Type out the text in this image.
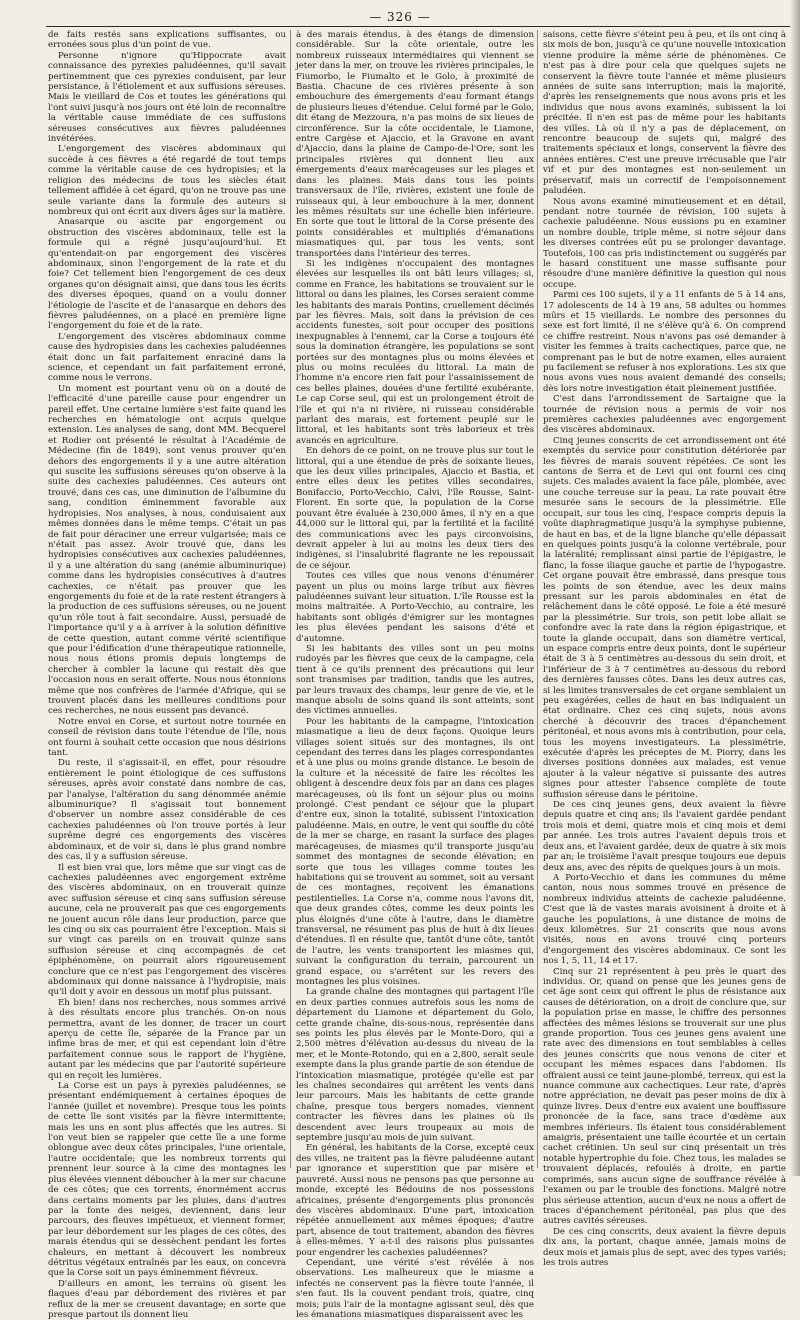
— 326 —

de faits restés sans explications suffisantes, ou erronées sous plus d'un point de vue.

Personne n'ignore qu'Hippocrate avait connaissance des pyrexies paludéennes, qu'il savait pertinemment que ces pyrexies conduisent, par leur persistance, à l'étiolement et aux suffusions séreuses. Mais le vieillard de Cos et toutes les générations qui l'ont suivi jusqu'à nos jours ont été loin de reconnaître la véritable cause immédiate de ces suffusions séreuses consécutives aux fièvres paludéennes invétérées.

L'engorgement des viscères abdominaux qui succède à ces fièvres a été regardé de tout temps comme la véritable cause de ces hydropisies; et la religion des médecins de tous les siècles était tellement affidée à cet égard, qu'on ne trouve pas une seule variante dans la formule des auteurs si nombreux qui ont écrit aux divers âges sur la matière.

Anasarque ou ascite par engorgement ou obstruction des viscères abdominaux, telle est la formule qui a régné jusqu'aujourd'hui. Et qu'entendait-on par engorgement des viscères abdominaux, sinon l'engorgement de la rate et du foie? Cet tellement bien l'engorgement de ces deux organes qu'on désignait ainsi, que dans tous les écrits des diverses époques, quand on a voulu donner l'étiologie de l'ascite et de l'anasarque en dehors des fièvres paludéennes, on a placé en première ligne l'engorgement du foie et de la rate.

L'engorgement des viscères abdominaux comme cause des hydropisies dans les cachexies paludéennes était donc un fait parfaitement enraciné dans la science, et cependant un fait parfaitement erroné, comme nous le verrons.

Un moment est pourtant venu où on a douté de l'efficacité d'une pareille cause pour engendrer un pareil effet. Une certaine lumière s'est faite quand les recherches en hématologie ont acquis quelque extension. Les analyses de sang, dont MM. Becquerel et Rodier ont présenté le résultat à l'Académie de Médecine (fin de 1849), sont venus prouver qu'en dehors des engorgements il y a une autre altération qui suscite les suffusions séreuses qu'on observe à la suite des cachexies paludéennes. Ces auteurs ont trouvé, dans ces cas, une diminution de l'albumine du sang, condition éminemment favorable aux hydropisies. Nos analyses, à nous, conduisaient aux mêmes données dans le même temps. C'était un pas de fait pour déraciner une erreur vulgarisée; mais ce n'était pas assez. Avoir trouvé que, dans les hydropisies consécutives aux cachexies paludéennes, il y a une altération du sang (anémie albuminurique) comme dans les hydropisies consécutives à d'autres cachexies, ce n'était pas prouver que les engorgements du foie et de la rate restent étrangers à la production de ces suffusions séreuses, ou ne jouent qu'un rôle tout à fait secondaire. Aussi, persuadé de l'importance qu'il y a à arriver à la solution définitive de cette question, autant comme vérité scientifique que pour l'édification d'une thérapeutique rationnelle, nous nous étions promis depuis longtemps de chercher à combler la lacune qui restait dès que l'occasion nous en serait offerte. Nous nous étonnions même que nos confrères de l'armée d'Afrique, qui se trouvent placés dans les meilleures conditions pour ces recherches, ne nous eussent pas devancé.

Notre envoi en Corse, et surtout notre tournée en conseil de révision dans toute l'étendue de l'île, nous ont fourni à souhait cette occasion que nous désirions tant.

Du reste, il s'agissait-il, en effet, pour résoudre entièrement le point étiologique de ces suffusions séreuses, après avoir constaté dans nombre de cas, par l'analyse, l'altération du sang dénommée anémie albuminurique? Il s'agissait tout bonnement d'observer un nombre assez considérable de ces cachexies paludéennes où l'on trouve portés à leur suprême degré ces engorgements des viscères abdominaux, et de voir si, dans le plus grand nombre des cas, il y a suffusion séreuse.

Il est bien vrai que, lors même que sur vingt cas de cachexies paludéennes avec engorgement extrême des viscères abdominaux, on en trouverait quinze avec suffusion séreuse et cinq sans suffusion séreuse aucune, cela ne prouverait pas que ces engorgements ne jouent aucun rôle dans leur production, parce que les cinq ou six cas pourraient être l'exception. Mais si sur vingt cas pareils on en trouvait quinze sans suffusion séreuse et cinq accompagnés de cet épiphénomène, on pourrait alors rigoureusement conclure que ce n'est pas l'engorgement des viscères abdominaux qui donne naissance à l'hydropisie, mais qu'il doit y avoir en dessous un motif plus puissant.

Eh bien! dans nos recherches, nous sommes arrivé à des résultats encore plus tranchés. On-on nous permettra, avant de les donner, de tracer un court aperçu de cette île, séparée de la France par un infime bras de mer, et qui est cependant loin d'être parfaitement connue sous le rapport de l'hygiène, autant par les médecins que par l'autorité supérieure qui en reçoit les lumières.

La Corse est un pays à pyrexies paludéennes, se présentant endémiquement à certaines époques de l'année (juillet et novembre). Presque tous les points de cette île sont visités par la fièvre intermittente; mais les uns en sont plus affectés que les autres. Si l'on veut bien se rappeler que cette île a une forme oblongue avec deux côtes principales, l'une orientale, l'autre occidentale; que les nombreux torrents qui prennent leur source à la cime des montagnes les plus élevées viennent déboucher à la mer sur chacune de ces côtes; que ces torrents, énormément accrus dans certains moments par les pluies, dans d'autres par la fonte des neiges, deviennent, dans leur parcours, des fleuves impétueux, et viennent former, par leur débordement sur les plages de ces côtes, des marais étendus qui se dessèchent pendant les fortes chaleurs, en mettant à découvert les nombreux détritus végétaux entraînés par les eaux, on concevra que la Corse soit un pays éminemment fiévreux.

D'ailleurs en amont, les terrains où gisent les flaques d'eau par débordement des rivières et par reflux de la mer se creusent davantage; en sorte que presque partout ils donnent lieu

à des marais étendus, à des étangs de dimension considérable. Sur la côte orientale, outre les nombreux ruisseaux intermédiaires qui viennent se jeter dans la mer, on trouve les rivières principales, le Fiumorbo, le Fiumalto et le Golo, à proximité de Bastia. Chacune de ces rivières présente à son embouchure des émergements d'eau formant étangs de plusieurs lieues d'étendue. Celui formé par le Golo, dit étang de Mezzoura, n'a pas moins de six lieues de circonférence. Sur la côte occidentale, le Liamone, entre Cargèse et Ajaccio, et la Gravone en avant d'Ajaccio, dans la plaine de Campo-de-l'Ore, sont les principales rivières qui donnent lieu aux émergements d'eaux marécageuses sur les plages et dans les plaines. Mais dans tous les points transversaux de l'île, rivières, existent une foule de ruisseaux qui, à leur embouchure à la mer, donnent les mêmes résultats sur une échelle bien inférieure. En sorte que tout le littoral de la Corse présente des points considérables et multipliés d'émanations miasmatiques qui, par tous les vents, sont transportées dans l'intérieur des terres.

Si les indigènes n'occupaient des montagnes élevées sur lesquelles ils ont bâti leurs villages; si, comme en France, les habitations se trouvaient sur le littoral ou dans les plaines, les Corses seraient comme les habitants des marais Pontins, cruellement décimés par les fièvres. Mais, soit dans la prévision de ces accidents funestes, soit pour occuper des positions inexpugnables à l'ennemi, car la Corse a toujours été sous la domination étrangère, les populations se sont portées sur des montagnes plus ou moins élevées et plus ou moins reculées du littoral. La main de l'homme n'a encore rien fait pour l'assainissement de ces belles plaines, douées d'une fertilité exubérante. Le cap Corse seul, qui est un prolongement étroit de l'île et qui n'a ni rivière, ni ruisseau considérable parlant des marais, est fortement peuplé sur le littoral, et les habitants sont très laborieux et très avancés en agriculture.

En dehors de ce point, on ne trouve plus sur tout le littoral, qui a une étendue de près de soixante lieues, que les deux villes principales, Ajaccio et Bastia, et entre elles deux les petites villes secondaires, Bonifaccio, Porto-Vecchio, Calvi, l'île Rousse, Saint-Florent. En sorte que, la population de la Corse pouvant être évaluée à 230,000 âmes, il n'y en a que 44,000 sur le littoral qui, par la fertilité et la facilité des communications avec les pays circonvoisins, devrait appeler à lui au moins les deux tiers des indigènes, si l'insalubrité flagrante ne les repoussait de ce séjour.

Toutes ces villes que nous venons d'énumérer payent un plus ou moins large tribut aux fièvres paludéennes suivant leur situation. L'île Rousse est la moins maltraitée. A Porto-Vecchio, au contraire, les habitants sont obligés d'émigrer sur les montagnes les plus élevées pendant les saisons d'été et d'automne.

Si les habitants des villes sont un peu moins rudoyés par les fièvres que ceux de la campagne, cela tient à ce qu'ils prennent des précautions qui leur sont transmises par tradition, tandis que les autres, par leurs travaux des champs, leur genre de vie, et le manque absolu de soins quand ils sont atteints, sont des victimes annuelles.

Pour les habitants de la campagne, l'intoxication miasmatique a lieu de deux façons. Quoique leurs villages soient situés sur des montagnes, ils ont cependant des terres dans les plages correspondantes et à une plus ou moins grande distance. Le besoin de la culture et la nécessité de faire les récoltes les obligent à descendre deux fois par an dans ces plages marécageuses, où ils font un séjour plus ou moins prolongé. C'est pendant ce séjour que la plupart d'entre eux, sinon la totalité, subissent l'intoxication paludéenne. Mais, en outre, le vent qui souffle du côté de la mer se charge, en rasant la surface des plages marécageuses, de miasmes qu'il transporte jusqu'au sommet des montagnes de seconde élévation; en sorte que tous les villages comme toutes les habitations qui se trouvent au sommet, soit au versant de ces montagnes, reçoivent les émanations pestilentielles. La Corse n'a, comme nous l'avons dit, que deux grandes côtes, comme les deux points les plus éloignés d'une côte à l'autre, dans le diamètre transversal, ne résument pas plus de huit à dix lieues d'étendues. Il en résulte que, tantôt d'une côte, tantôt de l'autre, les vents transportent les miasmes qui, suivant la configuration du terrain, parcourent un grand espace, ou s'arrêtent sur les revers des montagnes les plus voisines.

La grande chaîne des montagnes qui partagent l'île en deux parties connues autrefois sous les noms de département du Liamone et département du Golo, cette grande chaîne, dis-sous-nous, représentée dans ses points les plus élevés par le Monte-Doro, qui a 2,500 mètres d'élévation au-dessus du niveau de la mer, et le Monte-Rotondo, qui en a 2,800, serait seule exempte dans la plus grande partie de son étendue de l'intoxication miasmatique, protégée qu'elle est par les chaînes secondaires qui arrêtent les vents dans leur parcours. Mais les habitants de cette grande chaîne, presque tous bergers nomades, viennent contracter les fièvres dans les plaines où ils descendent avec leurs troupeaux au mois de septembre jusqu'au mois de juin suivant.

En général, les habitants de la Corse, excepté ceux des villes, ne traitent pas la fièvre paludéenne autant par ignorance et superstition que par misère et pauvreté. Aussi nous ne pensons pas que personne au monde, excepté les Bédouins de nos possessions africaines, présente d'engorgements plus prononcés des viscères abdominaux. D'une part, intoxication répétée annuellement aux mêmes époques; d'autre part, absence de tout traitement, abandon des fièvres à elles-mêmes. Y a-t-il des raisons plus puissantes pour engendrer les cachexies paludéennes?

Cependant, une vérité s'est révélée à nos observations. Les malheureux que le miasme a infectés ne conservent pas la fièvre toute l'année, il s'en faut. Ils la couvent pendant trois, quatre, cinq mois; puis l'air de la montagne agissant seul, dès que les émanations miasmatiques disparaissent avec les

saisons, cette fièvre s'éteint peu à peu, et ils ont cinq à six mois de bon, jusqu'à ce qu'une nouvelle intoxication vienne produire la même série de phénomènes. Ce n'est pas à dire pour cela que quelques sujets ne conservent la fièvre toute l'année et même plusieurs années de suite sans interruption; mais la majorité, d'après les renseignements que nous avons pris et les individus que nous avons examinés, subissent la loi précitée. Il n'en est pas de même pour les habitants des villes. Là où il n'y a pas de déplacement, on rencontre beaucoup de sujets qui, malgré des traitements spéciaux et longs, conservent la fièvre des années entières. C'est une preuve irrécusable que l'air vif et pur des montagnes est non-seulement un préservatif, mais un correctif de l'empoisonnement paludéen.

Nous avons examiné minutieusement et en détail, pendant notre tournée de révision, 100 sujets à cachexie paludéenne. Nous eussions pu en examiner un nombre double, triple même, si notre séjour dans les diverses contrées eût pu se prolonger davantage. Toutefois, 100 cas pris indistinctement ou suggérés par le hasard constituent une masse suffisante pour résoudre d'une manière définitive la question qui nous occupe.

Parmi ces 100 sujets, il y a 11 enfants de 5 à 14 ans, 17 adolescents de 14 à 19 ans, 58 adultes ou hommes mûrs et 15 vieillards. Le nombre des personnes du sexe est fort limité, il ne s'élève qu'à 6. On comprend ce chiffre restreint. Nous n'avons pas osé demander à visiter les femmes à traits cachectiques, parce que, ne comprenant pas le but de notre examen, elles auraient pu facilement se refuser à nos explorations. Les six que nous avons vues nous avaient demandé des conseils; dès lors notre investigation était pleinement justifiée.

C'est dans l'arrondissement de Sartaigne que la tournée de révision nous a permis de voir nos premières cachexies paludéennes avec engorgement des viscères abdominaux.

Cinq jeunes conscrits de cet arrondissement ont été exemptés du service pour constitution détériorée par les fièvres de marais souvent répétées. Ce sont les cantons de Serra et de Levi qui ont fourni ces cinq sujets. Ces malades avaient la face pâle, plombée, avec une couche terreuse sur la peau. La rate pouvait être mesurée sans le secours de la plessimétrie. Elle occupait, sur tous les cinq, l'espace compris depuis la voûte diaphragmatique jusqu'à la symphyse pubienne, de haut en bas, et de la ligne blanche qu'elle dépassait en quelques points jusqu'à la colonne vertébrale, pour la latéralité; remplissant ainsi partie de l'épigastre, le flanc, la fosse iliaque gauche et partie de l'hypogastre. Cet organe pouvait être embrassé, dans presque tous les points de son étendue, avec les deux mains pressant sur les parois abdominales en état de relâchement dans le côté opposé. Le foie a été mesuré par la plessimétrie. Sur trois, son petit lobe allait se confondre avec la rate dans la région épigastrique, et toute la glande occupait, dans son diamètre vertical, un espace compris entre deux points, dont le supérieur était de 3 à 5 centimètres au-dessous du sein droit, et l'inférieur de 3 à 7 centimètres au-dessous du rebord des dernières fausses côtes. Dans les deux autres cas, si les limites transversales de cet organe semblaient un peu exagérées, celles de haut en bas indiquaient un état ordinaire. Chez ces cinq sujets, nous avons cherché à découvrir des traces d'épanchement péritonéal, et nous avons mis à contribution, pour cela, tous les moyens investigateurs. La plessimétrie, exécutée d'après les préceptes de M. Piorry, dans les diverses positions données aux malades, est venue ajouter à la valeur négative si puissante des autres signes pour attester l'absence complète de toute suffusion séreuse dans le péritoine.

De ces cinq jeunes gens, deux avaient la fièvre depuis quatre et cinq ans; ils l'avaient gardée pendant trois mois et demi, quatre mois et cinq mois et demi par année. Les trois autres l'avaient depuis trois et deux ans, et l'avaient gardée, deux de quatre à six mois par an; le troisième l'avait presque toujours eue depuis deux ans, avec des répits de quelques jours à un mois.

A Porto-Vecchio et dans les communes du même canton, nous nous sommes trouvé en présence de nombreux individus atteints de cachexie paludéenne. C'est que là de vastes marais avoisinent à droite et à gauche les populations, à une distance de moins de deux kilomètres. Sur 21 conscrits que nous avons visités, nous en avons trouvé cinq porteurs d'engorgement des viscères abdominaux. Ce sont les nos 1, 5, 11, 14 et 17.

Cinq sur 21 représentent à peu près le quart des individus. Or, quand on pense que les jeunes gens de cet âge sont ceux qui offrent le plus de résistance aux causes de détérioration, on a droit de conclure que, sur la population prise en masse, le chiffre des personnes affectées des mêmes lésions se trouverait sur une plus grande proportion. Tous ces jeunes gens avaient une rate avec des dimensions en tout semblables à celles des jeunes conscrits que nous venons de citer et occupant les mêmes espaces dans l'abdomen. Ils offraient aussi ce teint jaune-plombé, terreux, qui est la nuance commune aux cachectiques. Leur rate, d'après notre appréciation, ne devait pas peser moins de dix à quinze livres. Deux d'entre eux avaient une bouffissure prononcée de la face, sans trace d'œdème aux membres inférieurs. Ils étaient tous considérablement amaigris, présentaient une taille écourtée et un certain cachet crétinien. Un seul sur cinq présentait un très notable hypertrophie du foie. Chez tous, les malades se trouvaient déplacés, refoulés à droite, en partie comprimés, sans aucun signe de souffrance révélée à l'examen ou par le trouble des fonctions. Malgré notre plus sérieuse attention, aucun d'eux ne nous a offert de traces d'épanchement péritonéal, pas plus que des autres cavités séreuses.

De ces cinq conscrits, deux avaient la fièvre depuis dix ans, la portant, chaque année, jamais moins de deux mois et jamais plus de sept, avec des types variés; les trois autres
